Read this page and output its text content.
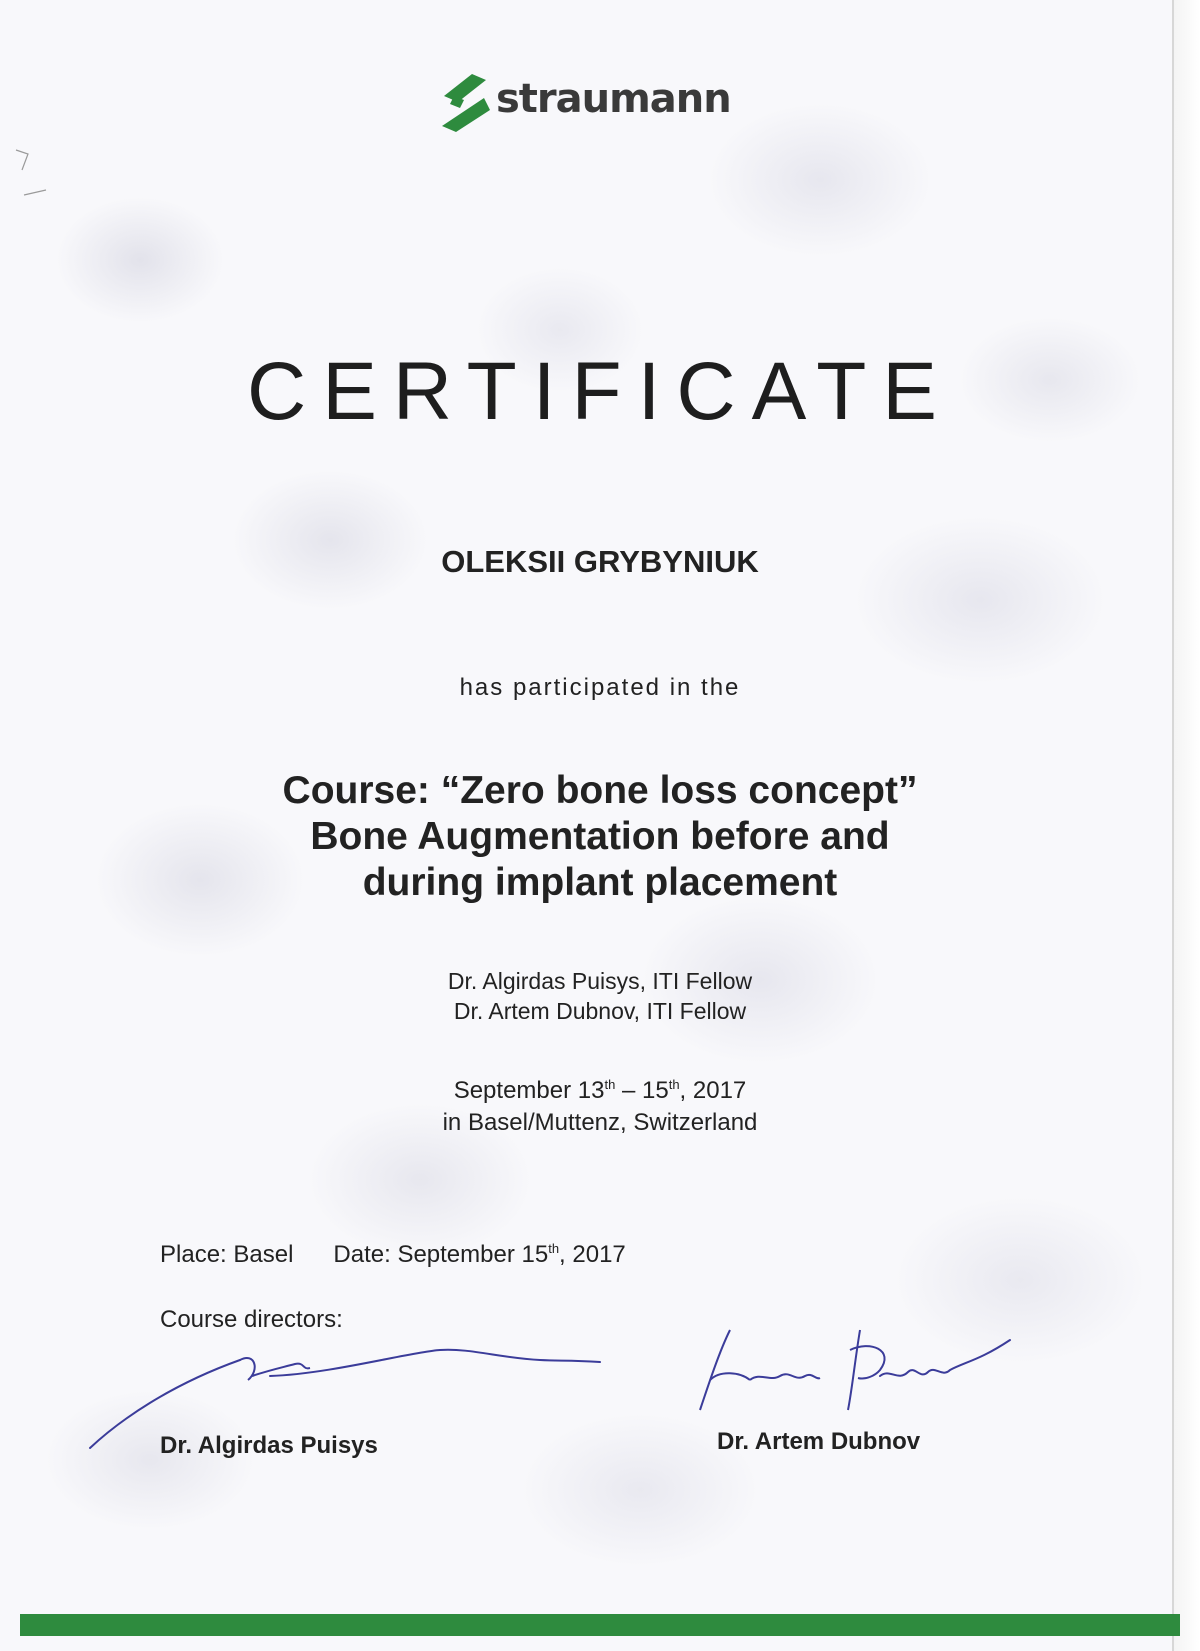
straumann
CERTIFICATE
OLEKSII GRYBYNIUK
has participated in the
Course: “Zero bone loss concept”
Bone Augmentation before and
during implant placement
Dr. Algirdas Puisys, ITI Fellow
Dr. Artem Dubnov, ITI Fellow
September 13th – 15th, 2017
in Basel/Muttenz, Switzerland
Place: Basel Date: September 15th, 2017
Course directors:
Dr. Algirdas Puisys	Dr. Artem Dubnov
